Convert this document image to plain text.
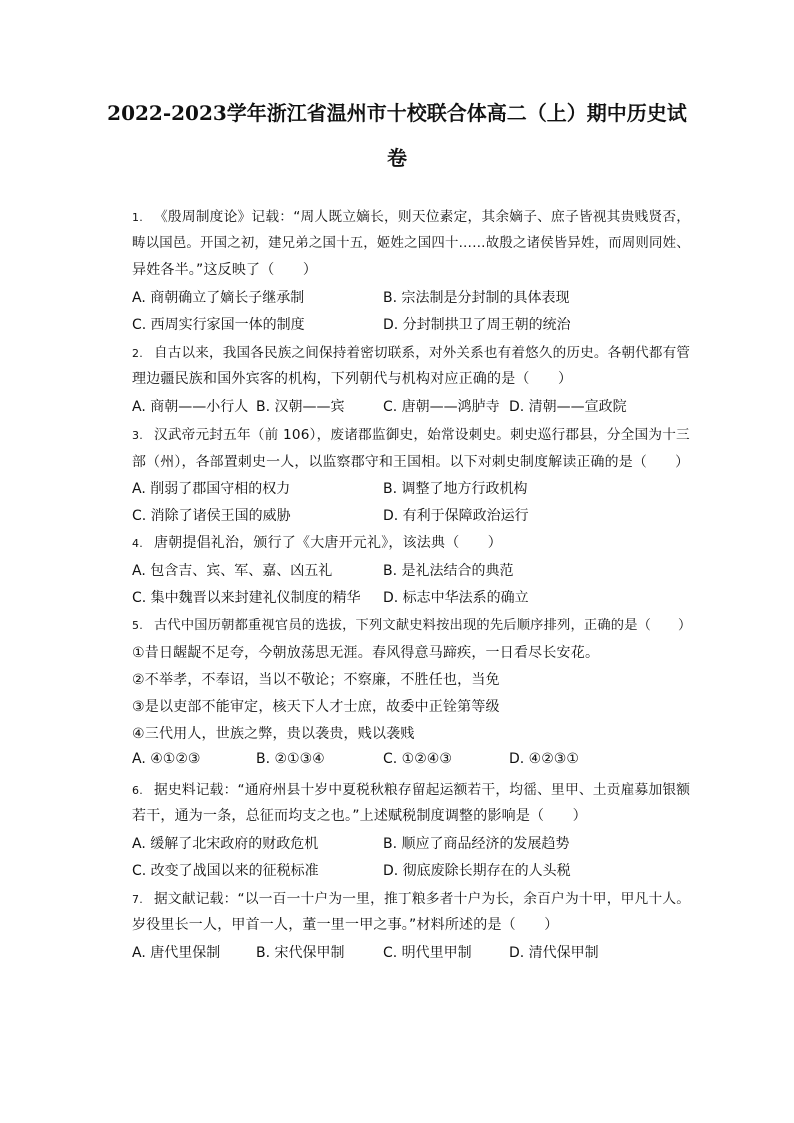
2022-2023学年浙江省温州市十校联合体高二（上）期中历史试
卷
1. 《殷周制度论》记载：“周人既立嫡长，则天位素定，其余嫡子、庶子皆视其贵贱贤否，
畴以国邑。开国之初，建兄弟之国十五，姬姓之国四十……故殷之诸侯皆异姓，而周则同姓、
异姓各半。”这反映了（　　）
A. 商朝确立了嫡长子继承制	B. 宗法制是分封制的具体表现
C. 西周实行家国一体的制度	D. 分封制拱卫了周王朝的统治
2. 自古以来，我国各民族之间保持着密切联系，对外关系也有着悠久的历史。各朝代都有管
理边疆民族和国外宾客的机构，下列朝代与机构对应正确的是（　　）
A. 商朝——小行人 B. 汉朝——宾	C. 唐朝——鸿胪寺 D. 清朝——宣政院
3. 汉武帝元封五年（前 106），废诸郡监御史，始常设刺史。刺史巡行郡县，分全国为十三
部（州），各部置刺史一人，以监察郡守和王国相。以下对刺史制度解读正确的是（　　）
A. 削弱了郡国守相的权力	B. 调整了地方行政机构
C. 消除了诸侯王国的威胁	D. 有利于保障政治运行
4. 唐朝提倡礼治，颁行了《大唐开元礼》，该法典（　　）
A. 包含吉、宾、军、嘉、凶五礼	B. 是礼法结合的典范
C. 集中魏晋以来封建礼仪制度的精华 D. 标志中华法系的确立
5. 古代中国历朝都重视官员的选拔，下列文献史料按出现的先后顺序排列，正确的是（　　）
①昔日龌龊不足夸，今朝放荡思无涯。春风得意马蹄疾，一日看尽长安花。
②不举孝，不奉诏，当以不敬论；不察廉，不胜任也，当免
③是以吏部不能审定，核天下人才士庶，故委中正铨第等级
④三代用人，世族之弊，贵以袭贵，贱以袭贱
A. ④①②③	B. ②①③④	C. ①②④③	D. ④②③①
6. 据史料记载：“通府州县十岁中夏税秋粮存留起运额若干，均徭、里甲、土贡雇募加银额
若干，通为一条，总征而均支之也。”上述赋税制度调整的影响是（　　）
A. 缓解了北宋政府的财政危机	B. 顺应了商品经济的发展趋势
C. 改变了战国以来的征税标准	D. 彻底废除长期存在的人头税
7. 据文献记载：“以一百一十户为一里，推丁粮多者十户为长，余百户为十甲，甲凡十人。
岁役里长一人，甲首一人，董一里一甲之事。”材料所述的是（　　）
A. 唐代里保制	B. 宋代保甲制	C. 明代里甲制	D. 清代保甲制
